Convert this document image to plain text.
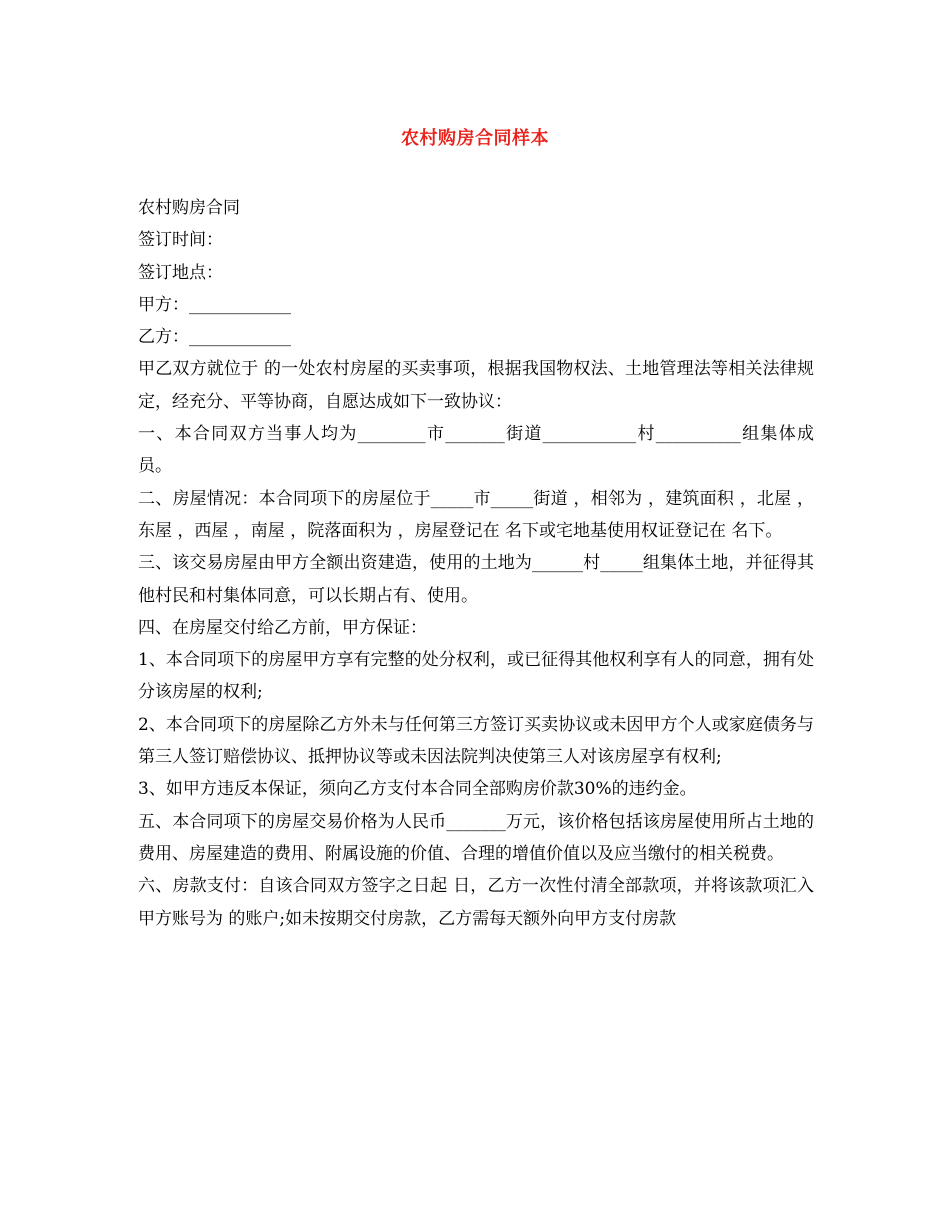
农村购房合同样本

农村购房合同

签订时间：

签订地点：

甲方：____________

乙方：____________

甲乙双方就位于 的一处农村房屋的买卖事项，根据我国物权法、土地管理法等相关法律规定，经充分、平等协商，自愿达成如下一致协议：

一、本合同双方当事人均为________市_______街道___________村__________组集体成员。

二、房屋情况：本合同项下的房屋位于_____市_____街道 ，相邻为 ，建筑面积 ，北屋 ，东屋 ，西屋 ，南屋 ，院落面积为 ，房屋登记在 名下或宅地基使用权证登记在 名下。

三、该交易房屋由甲方全额出资建造，使用的土地为______村_____组集体土地，并征得其他村民和村集体同意，可以长期占有、使用。

四、在房屋交付给乙方前，甲方保证：

1、本合同项下的房屋甲方享有完整的处分权利，或已征得其他权利享有人的同意，拥有处分该房屋的权利;

2、本合同项下的房屋除乙方外未与任何第三方签订买卖协议或未因甲方个人或家庭债务与第三人签订赔偿协议、抵押协议等或未因法院判决使第三人对该房屋享有权利;

3、如甲方违反本保证，须向乙方支付本合同全部购房价款30%的违约金。

五、本合同项下的房屋交易价格为人民币_______万元，该价格包括该房屋使用所占土地的费用、房屋建造的费用、附属设施的价值、合理的增值价值以及应当缴付的相关税费。

六、房款支付：自该合同双方签字之日起 日，乙方一次性付清全部款项，并将该款项汇入甲方账号为 的账户;如未按期交付房款，乙方需每天额外向甲方支付房款
